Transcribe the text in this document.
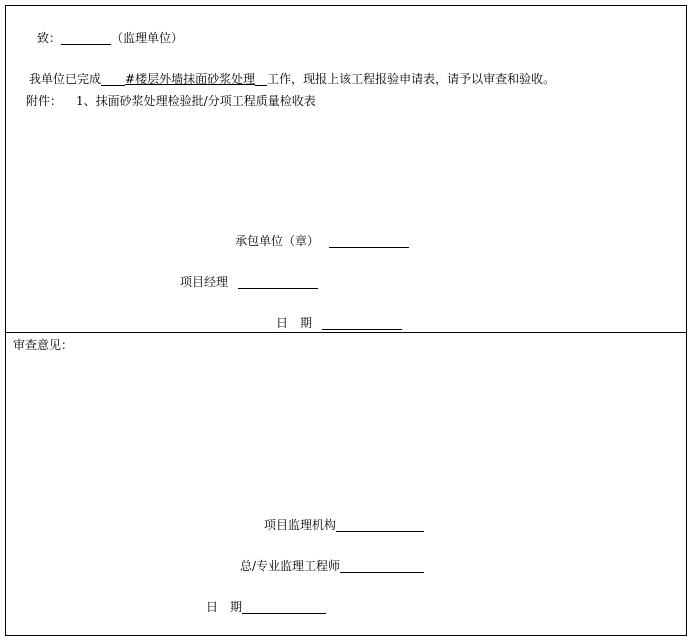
致：	（监理单位）
我单位已完成 #楼层外墙抹面砂浆处理 工作，现报上该工程报验申请表，请予以审查和验收。
附件： 1、抹面砂浆处理检验批/分项工程质量检收表
承包单位（章）
项目经理
日　期
审查意见：
项目监理机构
总/专业监理工程师
日　期
